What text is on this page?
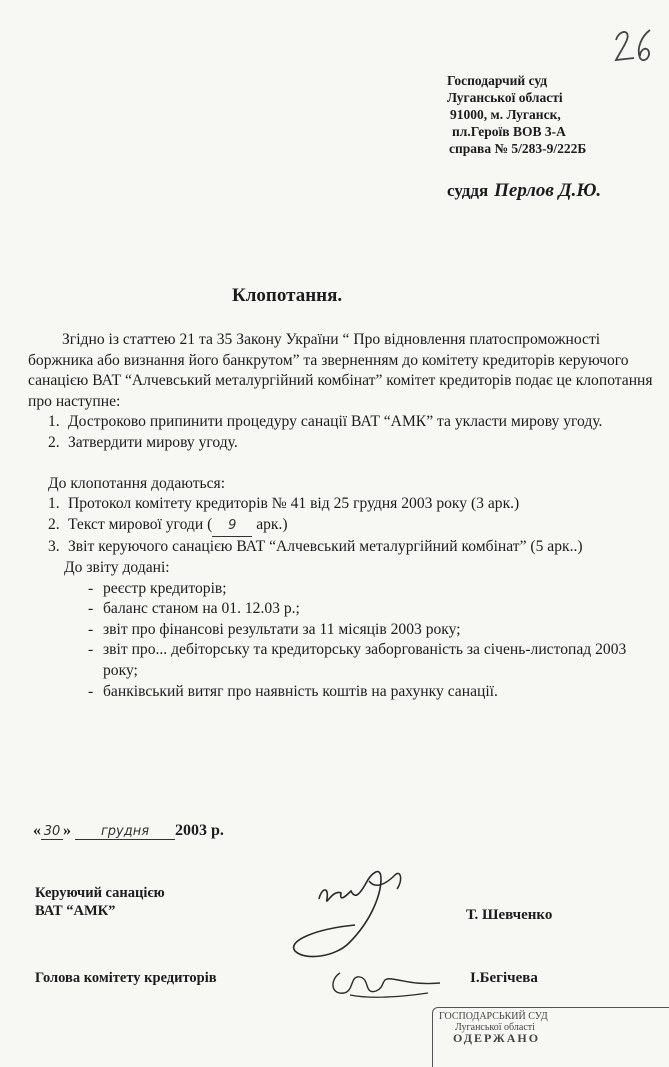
Господарчий суд
Луганської області
91000, м. Луганск,
пл.Героїв ВОВ 3-А
справа № 5/283-9/222Б
суддя Перлов Д.Ю.
Клопотання.

Згідно із статтею 21 та 35 Закону України “ Про відновлення платоспроможності боржника або визнання його банкрутом” та зверненням до комітету кредиторів керуючого санацією ВАТ “Алчевський металургійний комбінат” комітет кредиторів подає це клопотання про наступне:

1. Достроково припинити процедуру санації ВАТ “АМК” та укласти мирову угоду.
2. Затвердити мирову угоду.

До клопотання додаються:

1. Протокол комітету кредиторів № 41 від 25 грудня 2003 року (3 арк.)
2. Текст мирової угоди ( 9 арк.)
3. Звіт керуючого санацією ВАТ “Алчевський металургійний комбінат” (5 арк..)

До звіту додані:

- реєстр кредиторів;
- баланс станом на 01. 12.03 р.;
- звіт про фінансові результати за 11 місяців 2003 року;
- звіт про... дебіторську та кредиторську заборгованість за січень-листопад 2003 року;
- банківський витяг про наявність коштів на рахунку санації.
« 30 » грудня 2003 р.
Керуючий санацією
ВАТ “АМК”	Т. Шевченко
Голова комітету кредиторів	І.Бегічева
ГОСПОДАРСЬКИЙ СУД
Луганської області
ОДЕРЖАНО
